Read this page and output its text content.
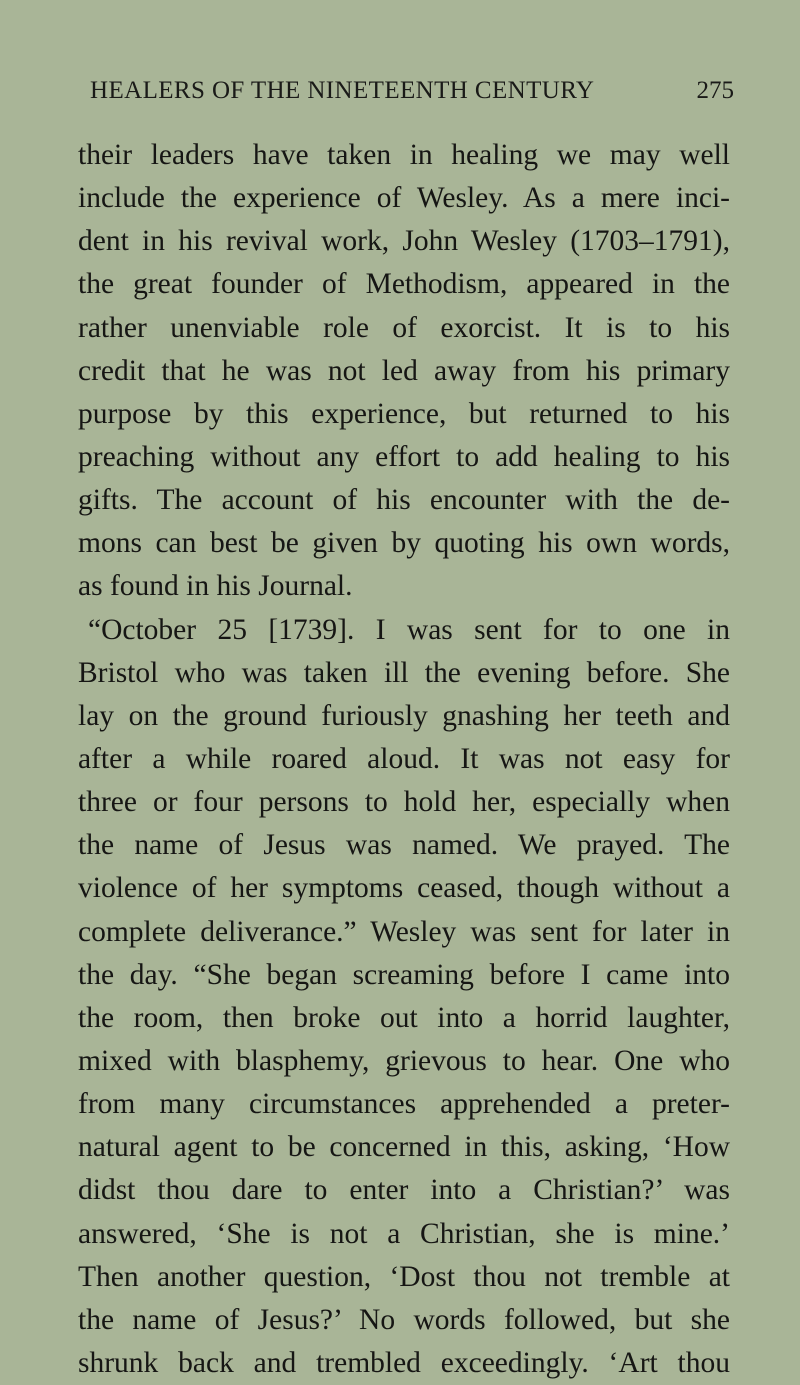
HEALERS OF THE NINETEENTH CENTURY	275
their leaders have taken in healing we may well
include the experience of Wesley. As a mere inci-
dent in his revival work, John Wesley (1703–1791),
the great founder of Methodism, appeared in the
rather unenviable role of exorcist. It is to his
credit that he was not led away from his primary
purpose by this experience, but returned to his
preaching without any effort to add healing to his
gifts. The account of his encounter with the de-
mons can best be given by quoting his own words,
as found in his Journal.
“October 25 [1739]. I was sent for to one in
Bristol who was taken ill the evening before. She
lay on the ground furiously gnashing her teeth and
after a while roared aloud. It was not easy for
three or four persons to hold her, especially when
the name of Jesus was named. We prayed. The
violence of her symptoms ceased, though without a
complete deliverance.” Wesley was sent for later in
the day. “She began screaming before I came into
the room, then broke out into a horrid laughter,
mixed with blasphemy, grievous to hear. One who
from many circumstances apprehended a preter-
natural agent to be concerned in this, asking, ‘How
didst thou dare to enter into a Christian?’ was
answered, ‘She is not a Christian, she is mine.’
Then another question, ‘Dost thou not tremble at
the name of Jesus?’ No words followed, but she
shrunk back and trembled exceedingly. ‘Art thou
